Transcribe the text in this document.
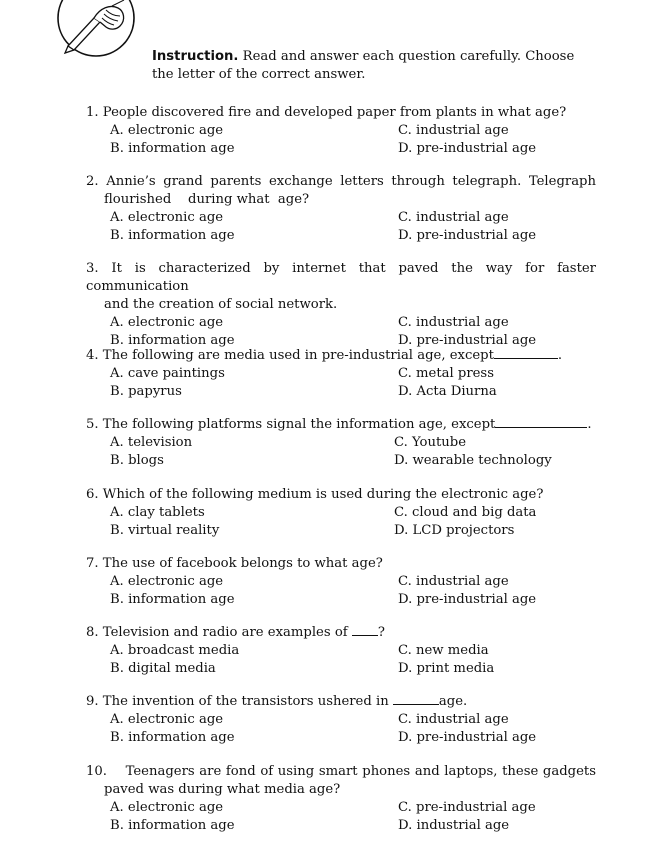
Instruction. Read and answer each question carefully. Choose the letter of the correct answer.
1. People discovered fire and developed paper from plants in what age?
A. electronic age	C. industrial age
B. information age	D. pre-industrial age
2. Annie’s grand parents exchange letters through telegraph. Telegraph
flourished    during what  age?
A. electronic age	C. industrial age
B. information age	D. pre-industrial age
3. It is characterized by internet that paved the way for faster communication
and the creation of social network.
A. electronic age	C. industrial age
B. information age	D. pre-industrial age
4. The following are media used in pre-industrial age, except	.
A. cave paintings	C. metal press
B. papyrus	D. Acta Diurna
5. The following platforms signal the information age, except	.
A. television	C. Youtube
B. blogs	D. wearable technology
6. Which of the following medium is used during the electronic age?
A. clay tablets	C. cloud and big data
B. virtual reality	D. LCD projectors
7. The use of facebook belongs to what age?
A. electronic age	C. industrial age
B. information age	D. pre-industrial age
8. Television and radio are examples of ?
A. broadcast media	C. new media
B. digital media	D. print media
9. The invention of the transistors ushered in	age.
A. electronic age	C. industrial age
B. information age	D. pre-industrial age
10. Teenagers are fond of using smart phones and laptops, these gadgets
paved was during what media age?
A. electronic age	C. pre-industrial age
B. information age	D. industrial age
